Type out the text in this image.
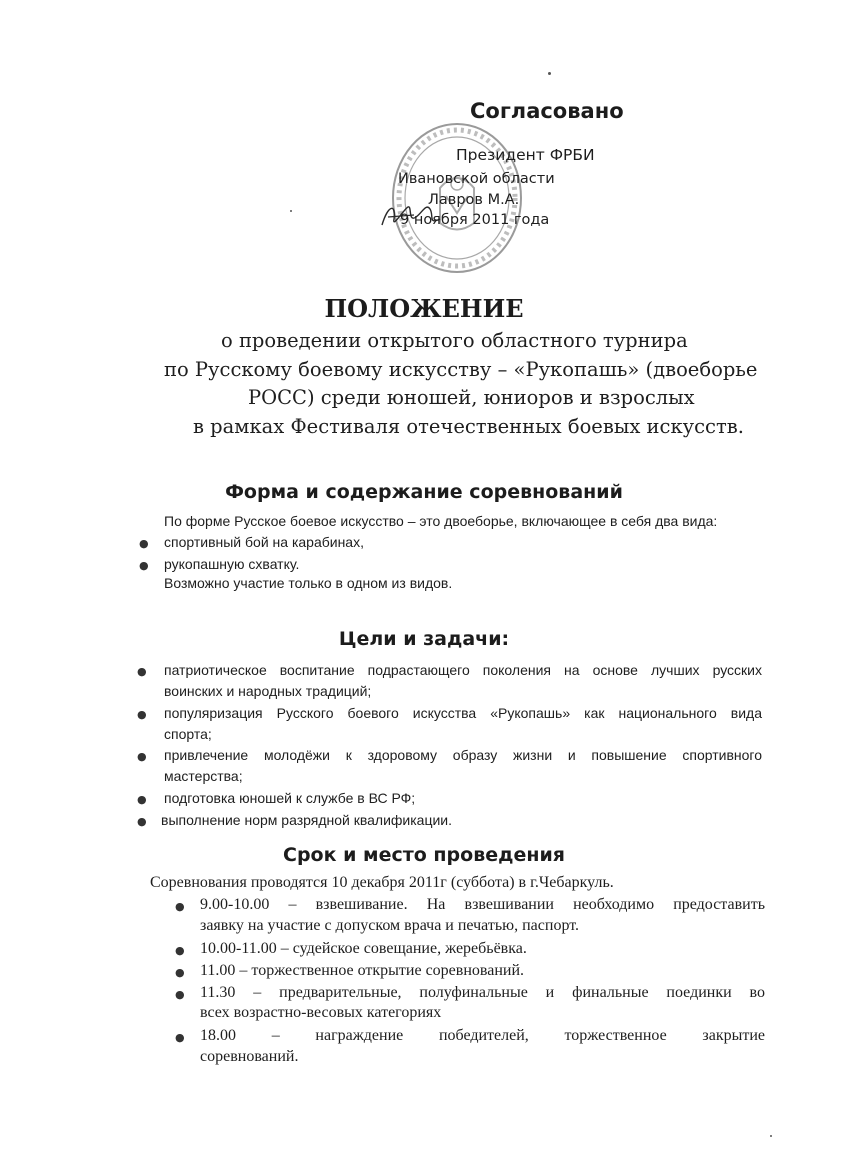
Согласовано
Президент ФРБИ
Ивановской области
Лавров М.А.
9 ноября 2011 года
ПОЛОЖЕНИЕ
о проведении открытого областного турнира
по Русскому боевому искусству – «Рукопашь» (двоеборье
РОСС) среди юношей, юниоров и взрослых
в рамках Фестиваля отечественных боевых искусств.
Форма и содержание соревнований
По форме Русское боевое искусство – это двоеборье, включающее в себя два вида:
● спортивный бой на карабинах,
● рукопашную схватку.
Возможно участие только в одном из видов.
Цели и задачи:
● патриотическое воспитание подрастающего поколения на основе лучших русских
воинских и народных традиций;
● популяризация Русского боевого искусства «Рукопашь» как национального вида
спорта;
● привлечение молодёжи к здоровому образу жизни и повышение спортивного
мастерства;
● подготовка юношей к службе в ВС РФ;
● выполнение норм разрядной квалификации.
Срок и место проведения
Соревнования проводятся 10 декабря 2011г (суббота) в г.Чебаркуль.
● 9.00-10.00 – взвешивание. На взвешивании необходимо предоставить
заявку на участие с допуском врача и печатью, паспорт.
● 10.00-11.00 – судейское совещание, жеребьёвка.
● 11.00 – торжественное открытие соревнований.
● 11.30 – предварительные, полуфинальные и финальные поединки во
всех возрастно-весовых категориях
● 18.00 – награждение победителей, торжественное закрытие
соревнований.
